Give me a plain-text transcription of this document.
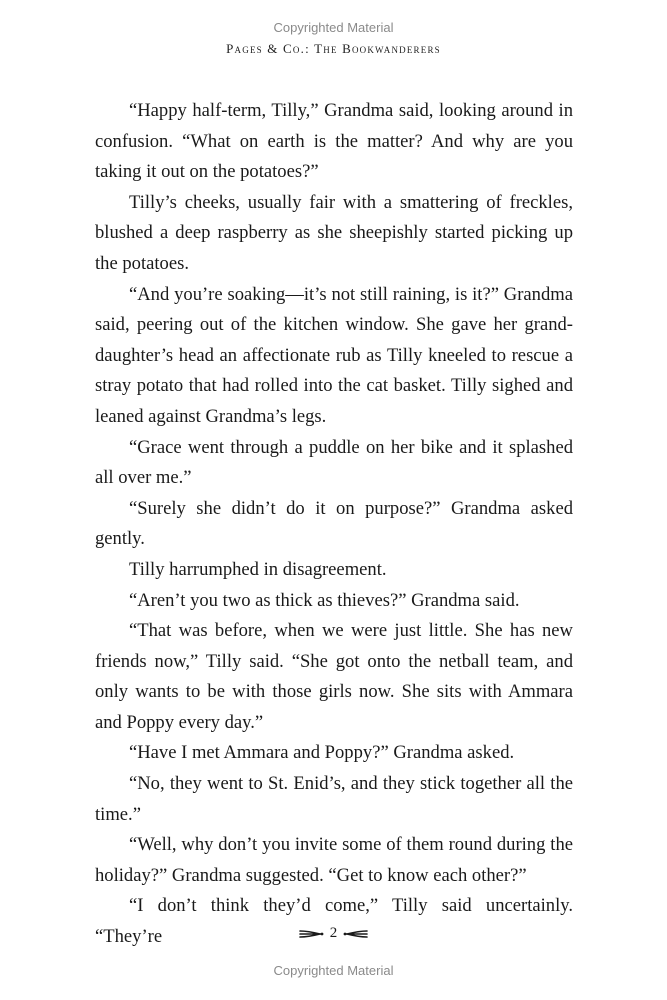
Copyrighted Material
Pages & Co.: The Bookwanderers

“Happy half-term, Tilly,” Grandma said, looking around in confusion. “What on earth is the matter? And why are you taking it out on the potatoes?”

Tilly’s cheeks, usually fair with a smattering of freckles, blushed a deep raspberry as she sheepishly started picking up the potatoes.

“And you’re soaking—it’s not still raining, is it?” Grandma said, peering out of the kitchen window. She gave her grand-daughter’s head an affectionate rub as Tilly kneeled to rescue a stray potato that had rolled into the cat basket. Tilly sighed and leaned against Grandma’s legs.

“Grace went through a puddle on her bike and it splashed all over me.”

“Surely she didn’t do it on purpose?” Grandma asked gently.

Tilly harrumphed in disagreement.

“Aren’t you two as thick as thieves?” Grandma said.

“That was before, when we were just little. She has new friends now,” Tilly said. “She got onto the netball team, and only wants to be with those girls now. She sits with Ammara and Poppy every day.”

“Have I met Ammara and Poppy?” Grandma asked.

“No, they went to St. Enid’s, and they stick together all the time.”

“Well, why don’t you invite some of them round during the holiday?” Grandma suggested. “Get to know each other?”

“I don’t think they’d come,” Tilly said uncertainly. “They’re	2
Copyrighted Material
